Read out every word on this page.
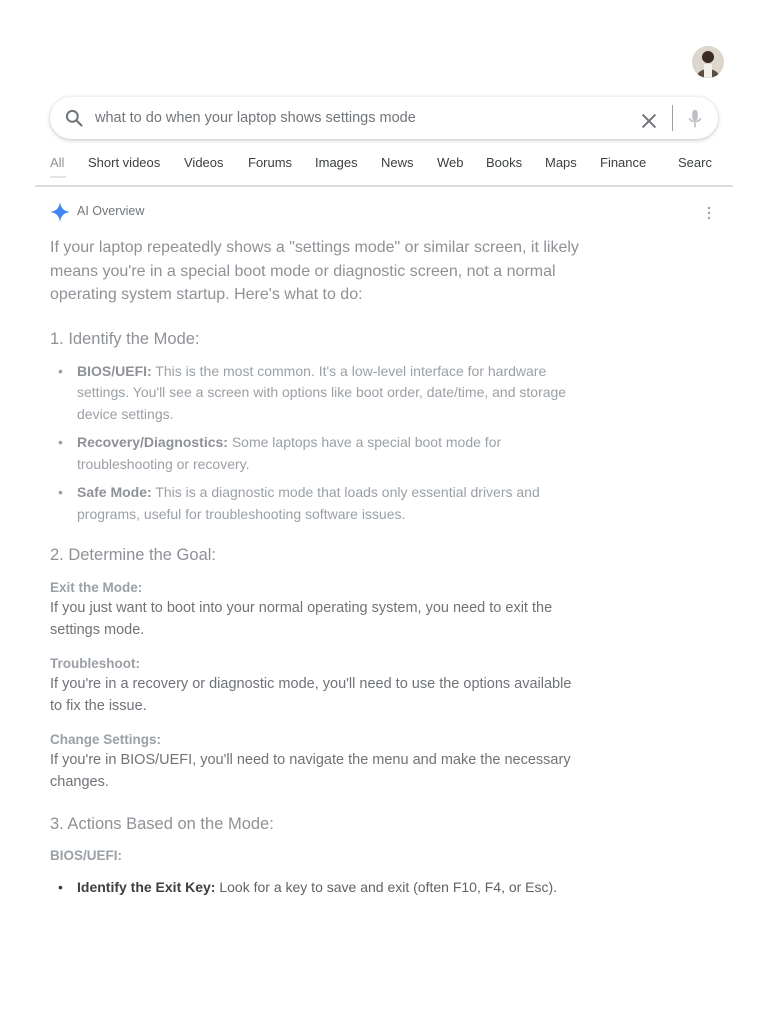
what to do when your laptop shows settings mode
All Short videos Videos Forums Images News Web Books Maps Finance Searc
AI Overview

If your laptop repeatedly shows a "settings mode" or similar screen, it likely means you're in a special boot mode or diagnostic screen, not a normal operating system startup. Here's what to do:

1. Identify the Mode:
• BIOS/UEFI: This is the most common. It's a low-level interface for hardware settings. You'll see a screen with options like boot order, date/time, and storage device settings.
• Recovery/Diagnostics: Some laptops have a special boot mode for troubleshooting or recovery.
• Safe Mode: This is a diagnostic mode that loads only essential drivers and programs, useful for troubleshooting software issues.
2. Determine the Goal:

Exit the Mode:

If you just want to boot into your normal operating system, you need to exit the settings mode.

Troubleshoot:

If you're in a recovery or diagnostic mode, you'll need to use the options available to fix the issue.

Change Settings:

If you're in BIOS/UEFI, you'll need to navigate the menu and make the necessary changes.

3. Actions Based on the Mode:

BIOS/UEFI:

• Identify the Exit Key: Look for a key to save and exit (often F10, F4, or Esc).
